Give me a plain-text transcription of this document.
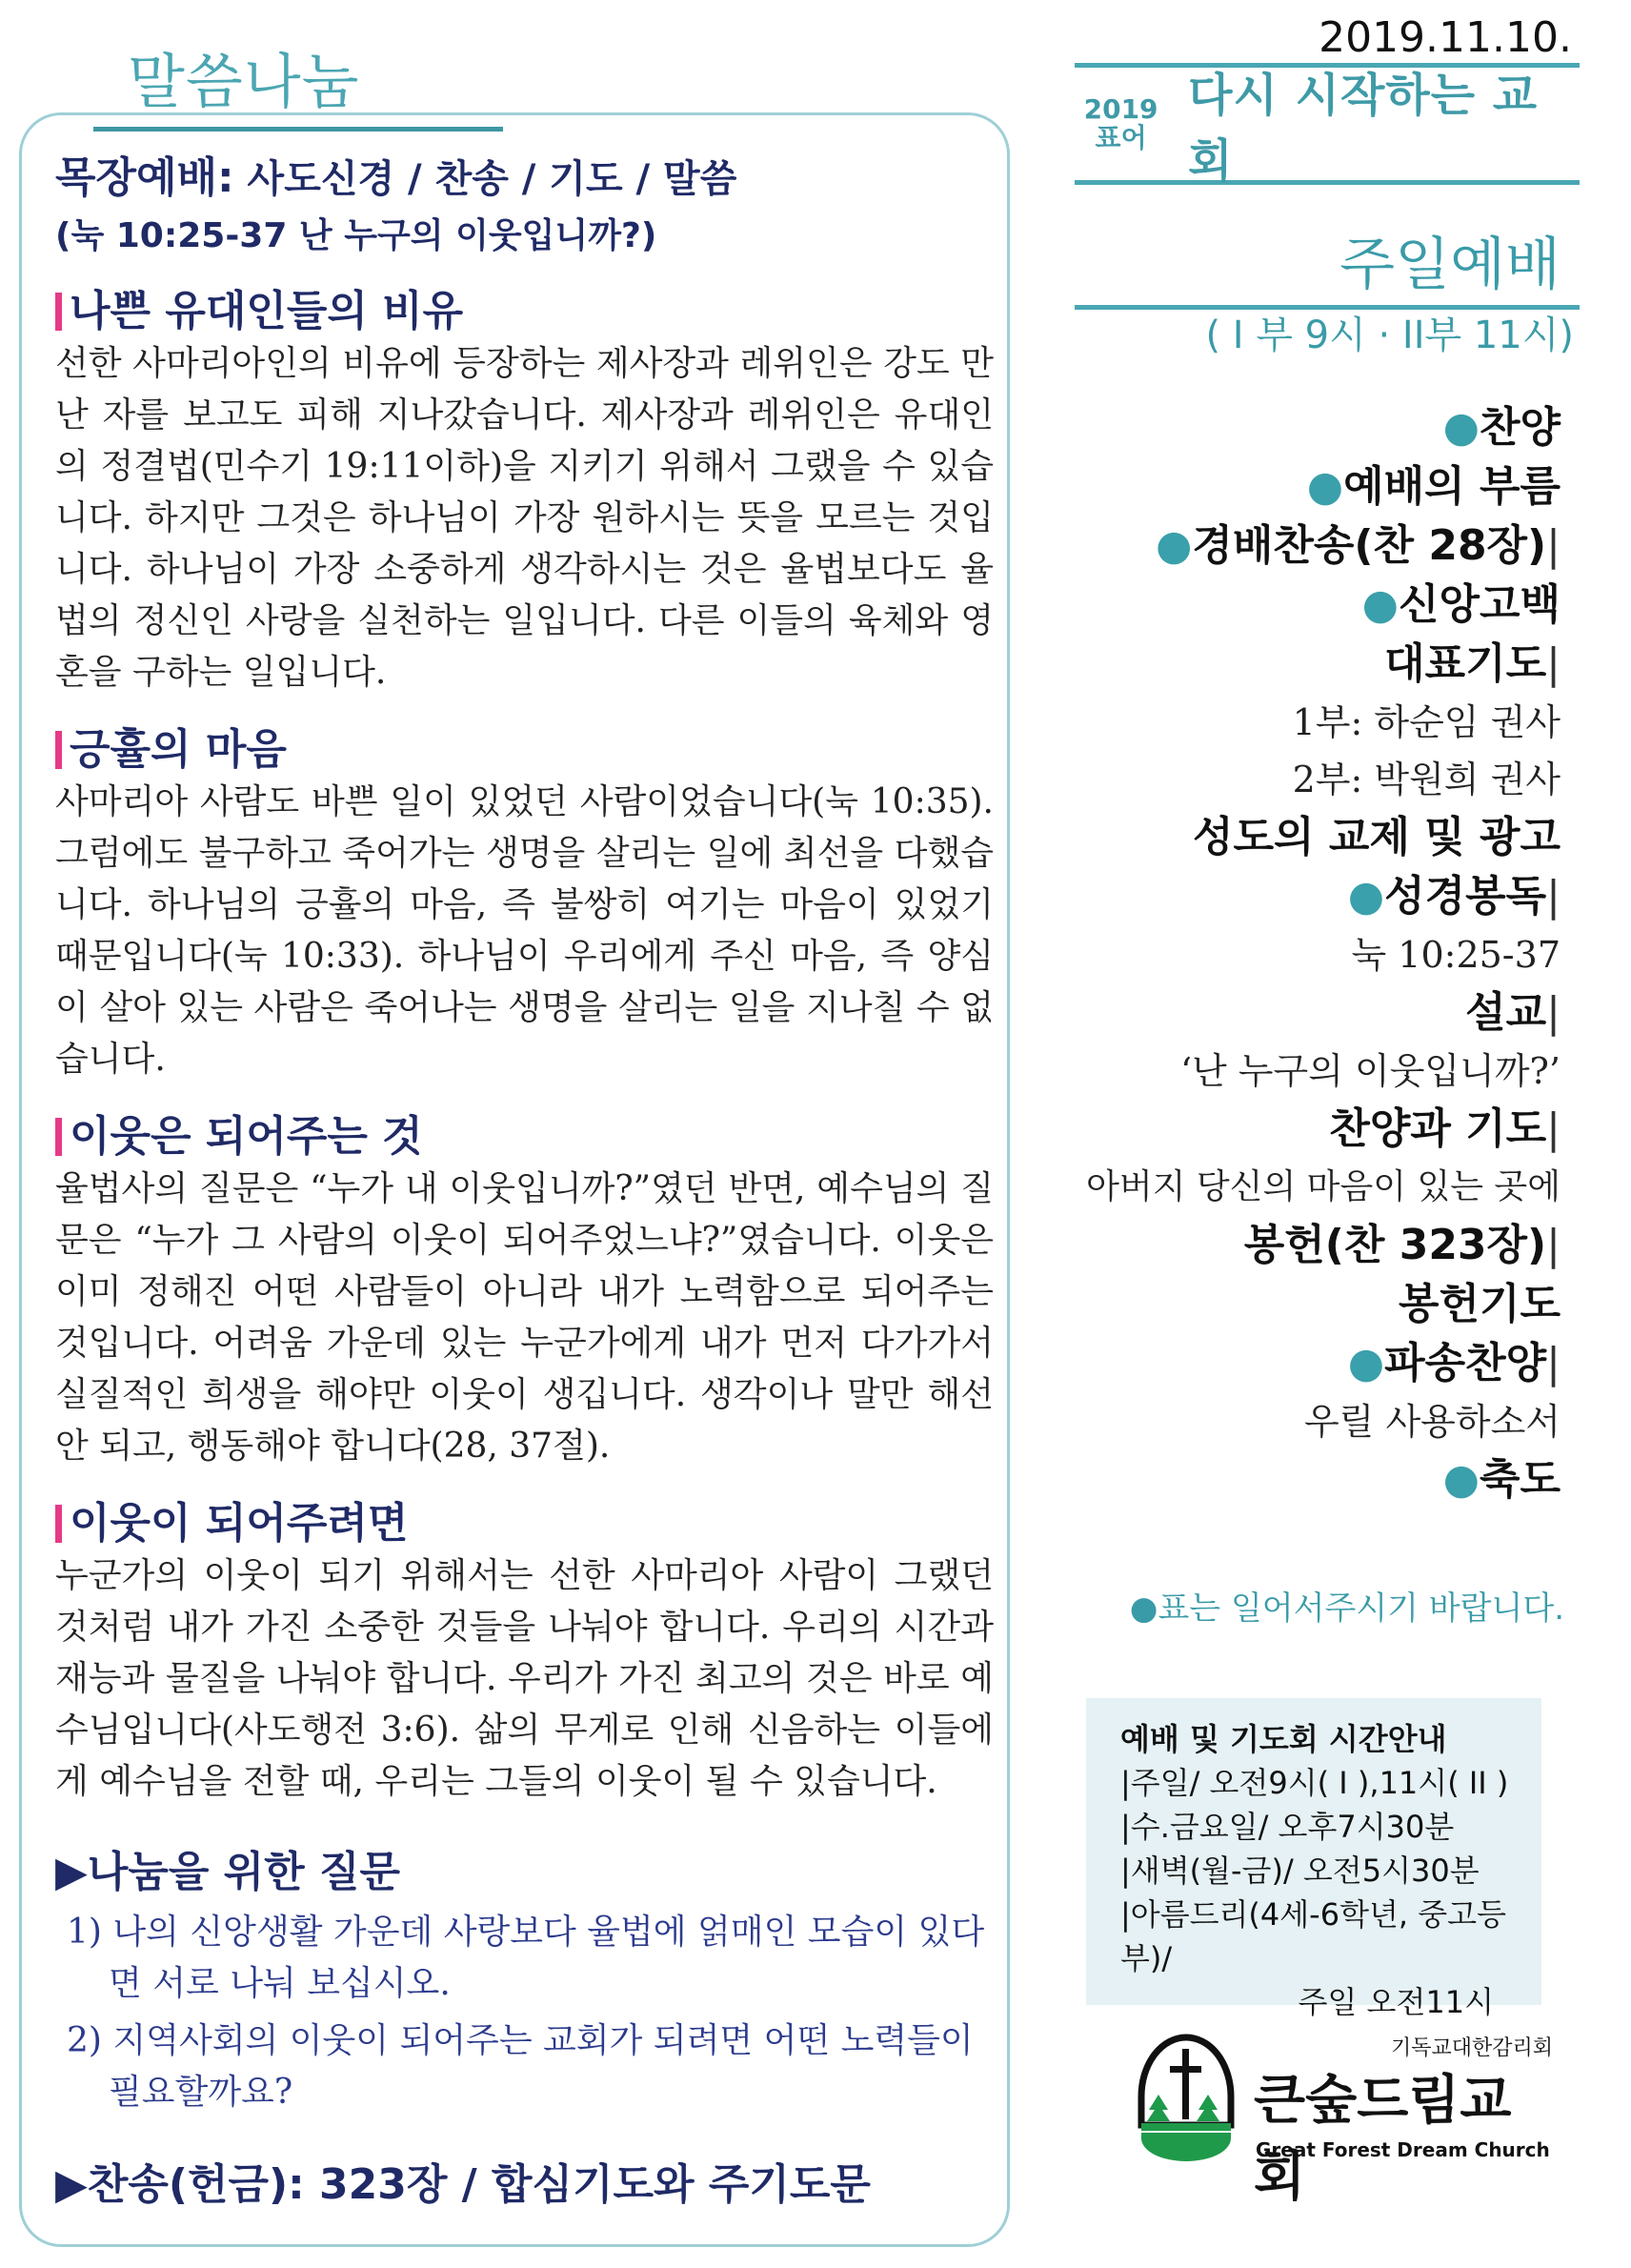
말씀나눔
목장예배: 사도신경 / 찬송 / 기도 / 말씀
(눅 10:25-37 난 누구의 이웃입니까?)
나쁜 유대인들의 비유
선한 사마리아인의 비유에 등장하는 제사장과 레위인은 강도 만난 자를 보고도 피해 지나갔습니다. 제사장과 레위인은 유대인의 정결법(민수기 19:11이하)을 지키기 위해서 그랬을 수 있습니다. 하지만 그것은 하나님이 가장 원하시는 뜻을 모르는 것입니다. 하나님이 가장 소중하게 생각하시는 것은 율법보다도 율법의 정신인 사랑을 실천하는 일입니다. 다른 이들의 육체와 영혼을 구하는 일입니다.
긍휼의 마음
사마리아 사람도 바쁜 일이 있었던 사람이었습니다(눅 10:35). 그럼에도 불구하고 죽어가는 생명을 살리는 일에 최선을 다했습니다. 하나님의 긍휼의 마음, 즉 불쌍히 여기는 마음이 있었기 때문입니다(눅 10:33). 하나님이 우리에게 주신 마음, 즉 양심이 살아 있는 사람은 죽어나는 생명을 살리는 일을 지나칠 수 없습니다.
이웃은 되어주는 것
율법사의 질문은 “누가 내 이웃입니까?”였던 반면, 예수님의 질문은 “누가 그 사람의 이웃이 되어주었느냐?”였습니다. 이웃은 이미 정해진 어떤 사람들이 아니라 내가 노력함으로 되어주는 것입니다. 어려움 가운데 있는 누군가에게 내가 먼저 다가가서 실질적인 희생을 해야만 이웃이 생깁니다. 생각이나 말만 해선 안 되고, 행동해야 합니다(28, 37절).
이웃이 되어주려면
누군가의 이웃이 되기 위해서는 선한 사마리아 사람이 그랬던 것처럼 내가 가진 소중한 것들을 나눠야 합니다. 우리의 시간과 재능과 물질을 나눠야 합니다. 우리가 가진 최고의 것은 바로 예수님입니다(사도행전 3:6). 삶의 무게로 인해 신음하는 이들에게 예수님을 전할 때, 우리는 그들의 이웃이 될 수 있습니다.
▶나눔을 위한 질문
1) 나의 신앙생활 가운데 사랑보다 율법에 얽매인 모습이 있다면 서로 나눠 보십시오.
2) 지역사회의 이웃이 되어주는 교회가 되려면 어떤 노력들이 필요할까요?
▶찬송(헌금): 323장 / 합심기도와 주기도문
2019.11.10.
2019
표어
다시 시작하는 교회
주일예배
( I 부 9시 · II부 11시)
●찬양
●예배의 부름
●경배찬송(찬 28장)|
●신앙고백
대표기도|
1부: 하순임 권사
2부: 박원희 권사
성도의 교제 및 광고
●성경봉독|
눅 10:25-37
설교|
‘난 누구의 이웃입니까?’
찬양과 기도|
아버지 당신의 마음이 있는 곳에
봉헌(찬 323장)|
봉헌기도
●파송찬양|
우릴 사용하소서
●축도
●표는 일어서주시기 바랍니다.
예배 및 기도회 시간안내
|주일/ 오전9시( I ),11시( II )
|수.금요일/ 오후7시30분
|새벽(월-금)/ 오전5시30분
|아름드리(4세-6학년, 중고등부)/
주일 오전11시
기독교대한감리회
큰숲드림교회
Great Forest Dream Church
